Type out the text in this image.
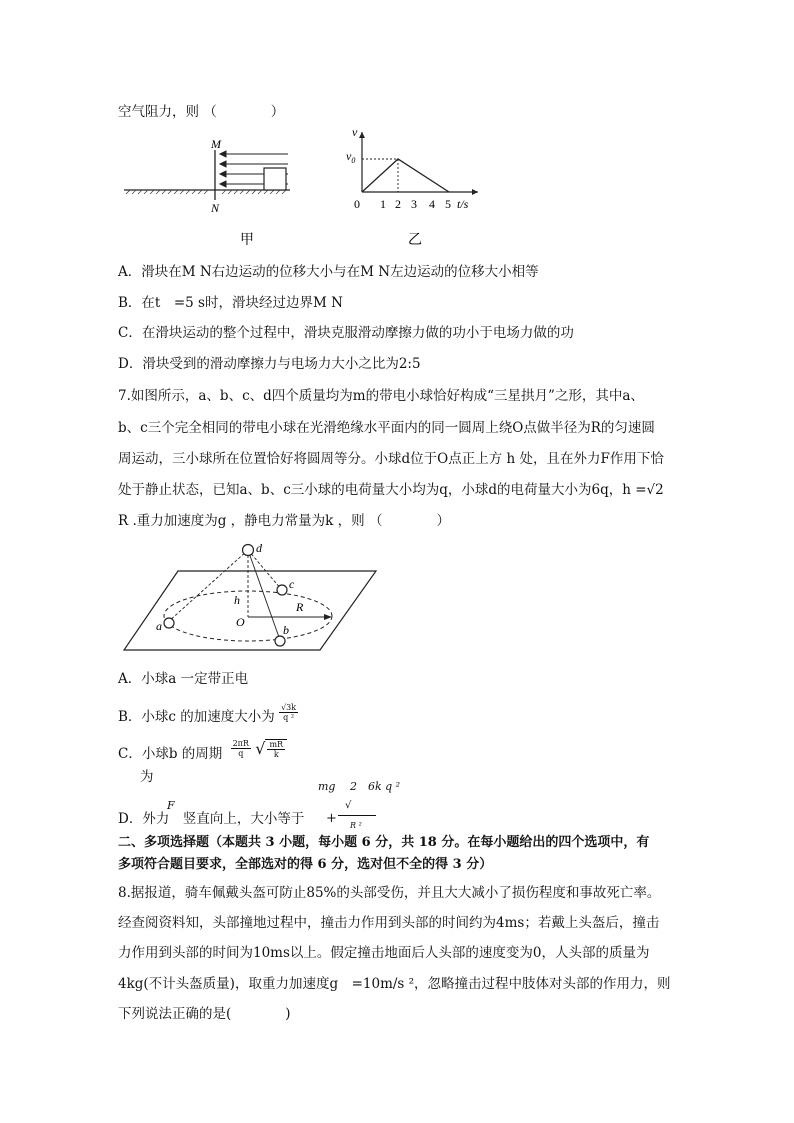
空气阻力，则 （　　　　）
M
N
甲
v
$v_0$
0 1 2 3 4 5 t/s
乙
A．滑块在M N右边运动的位移大小与在M N左边运动的位移大小相等
B．在t　=5 s时，滑块经过边界M N
C．在滑块运动的整个过程中，滑块克服滑动摩擦力做的功小于电场力做的功
D．滑块受到的滑动摩擦力与电场力大小之比为2:5
7.如图所示，a、b、c、d四个质量均为m的带电小球恰好构成“三星拱月”之形，其中a、
b、c三个完全相同的带电小球在光滑绝缘水平面内的同一圆周上绕O点做半径为R的匀速圆
周运动，三小球所在位置恰好将圆周等分。小球d位于O点正上方 h 处，且在外力F作用下恰
处于静止状态，已知a、b、c三小球的电荷量大小均为q，小球d的电荷量大小为6q，h =√2
R .重力加速度为g ，静电力常量为k ，则 （　　　　）
d
c
a	b
h
O
R
A．小球a 一定带正电
B．小球c 的加速度大小为 $\frac{√3k}{\text{q ²}}$
C．小球b 的周期 $\frac{2\pi R}{q}$ √ $\frac{mR}{k}$
为
mg　 2　6k q ²
F
D．外力　竖直向上，大小等于 +
√
R ²
二、多项选择题（本题共 3 小题，每小题 6 分，共 18 分。在每小题给出的四个选项中，有
多项符合题目要求，全部选对的得 6 分，选对但不全的得 3 分）
8.据报道，骑车佩戴头盔可防止85%的头部受伤，并且大大减小了损伤程度和事故死亡率。
经查阅资料知，头部撞地过程中，撞击力作用到头部的时间约为4ms；若戴上头盔后，撞击
力作用到头部的时间为10ms以上。假定撞击地面后人头部的速度变为0，人头部的质量为
4kg(不计头盔质量)，取重力加速度g　=10m/s ²，忽略撞击过程中肢体对头部的作用力，则
下列说法正确的是(　　　　)
